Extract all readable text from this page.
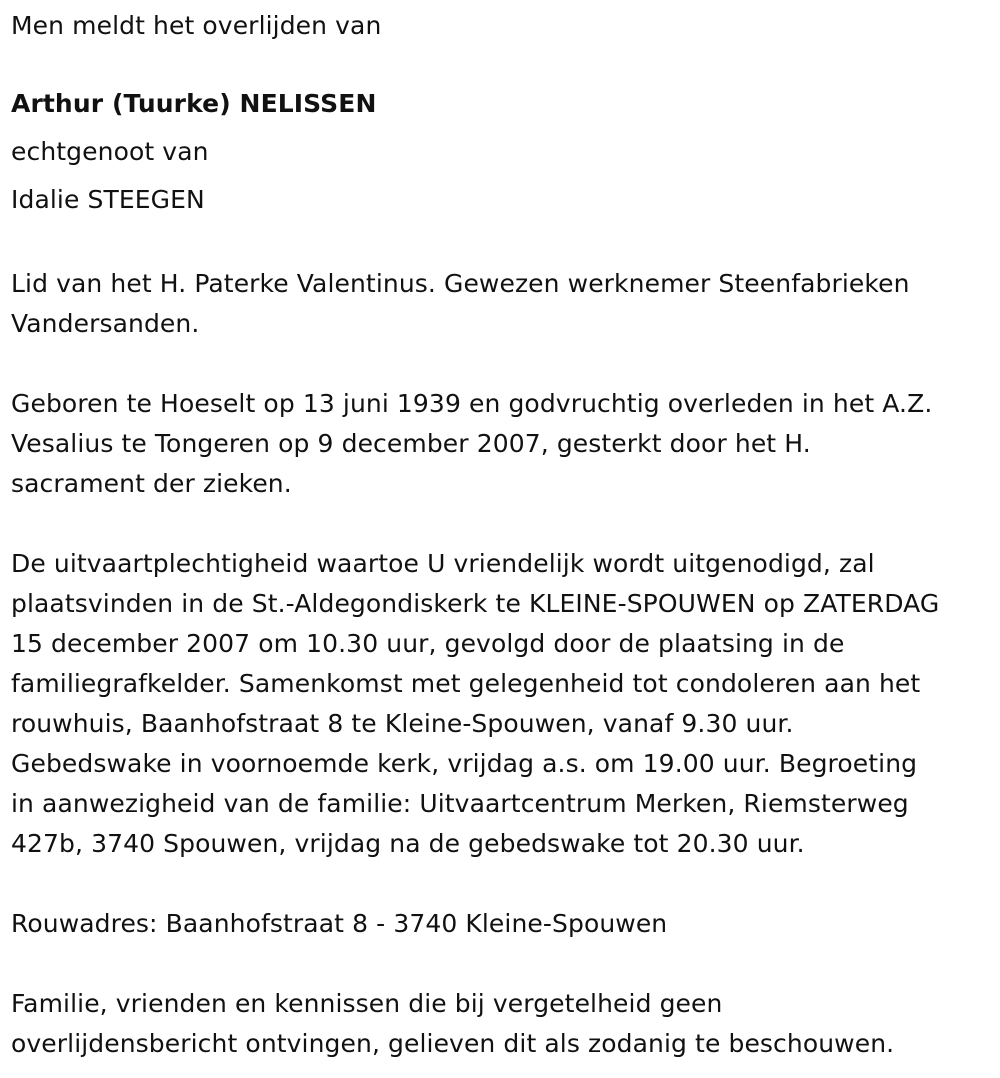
Men meldt het overlijden van

Arthur (Tuurke) NELISSEN

echtgenoot van

Idalie STEEGEN

Lid van het H. Paterke Valentinus. Gewezen werknemer Steenfabrieken

Vandersanden.

Geboren te Hoeselt op 13 juni 1939 en godvruchtig overleden in het A.Z.

Vesalius te Tongeren op 9 december 2007, gesterkt door het H.

sacrament der zieken.

De uitvaartplechtigheid waartoe U vriendelijk wordt uitgenodigd, zal

plaatsvinden in de St.-Aldegondiskerk te KLEINE-SPOUWEN op ZATERDAG

15 december 2007 om 10.30 uur, gevolgd door de plaatsing in de

familiegrafkelder. Samenkomst met gelegenheid tot condoleren aan het

rouwhuis, Baanhofstraat 8 te Kleine-Spouwen, vanaf 9.30 uur.

Gebedswake in voornoemde kerk, vrijdag a.s. om 19.00 uur. Begroeting

in aanwezigheid van de familie: Uitvaartcentrum Merken, Riemsterweg

427b, 3740 Spouwen, vrijdag na de gebedswake tot 20.30 uur.

Rouwadres: Baanhofstraat 8 - 3740 Kleine-Spouwen

Familie, vrienden en kennissen die bij vergetelheid geen

overlijdensbericht ontvingen, gelieven dit als zodanig te beschouwen.
